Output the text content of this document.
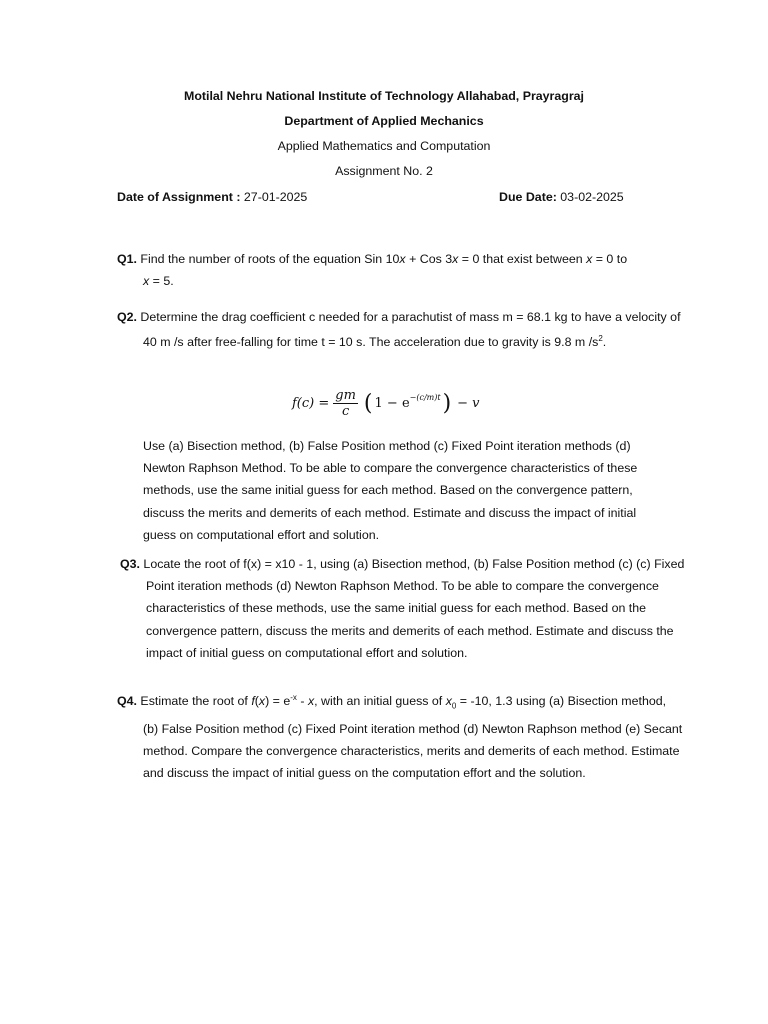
Motilal Nehru National Institute of Technology Allahabad, Prayragraj
Department of Applied Mechanics
Applied Mathematics and Computation
Assignment No. 2
Date of Assignment : 27-01-2025	Due Date: 03-02-2025
Q1. Find the number of roots of the equation Sin 10x + Cos 3x = 0 that exist between x = 0 to
x = 5.
Q2. Determine the drag coefficient c needed for a parachutist of mass m = 68.1 kg to have a velocity of 40 m /s after free-falling for time t = 10 s. The acceleration due to gravity is 9.8 m $/s^2$.
$f(c) = \frac{gm}{c}$ ( $1 - e^{-(c/m)t}$ ) − v
Use (a) Bisection method, (b) False Position method (c) Fixed Point iteration methods (d) Newton Raphson Method. To be able to compare the convergence characteristics of these methods, use the same initial guess for each method. Based on the convergence pattern, discuss the merits and demerits of each method. Estimate and discuss the impact of initial guess on computational effort and solution.
Q3. Locate the root of f(x) = x10 - 1, using (a) Bisection method, (b) False Position method (c) (c) Fixed Point iteration methods (d) Newton Raphson Method. To be able to compare the convergence characteristics of these methods, use the same initial guess for each method. Based on the convergence pattern, discuss the merits and demerits of each method. Estimate and discuss the impact of initial guess on computational effort and solution.
Q4. Estimate the root of $f(x) = e^{-x} - x$, with an initial guess of $x_0 = -10$, 1.3 using (a) Bisection method, (b) False Position method (c) Fixed Point iteration method (d) Newton Raphson method (e) Secant method. Compare the convergence characteristics, merits and demerits of each method. Estimate and discuss the impact of initial guess on the computation effort and the solution.
